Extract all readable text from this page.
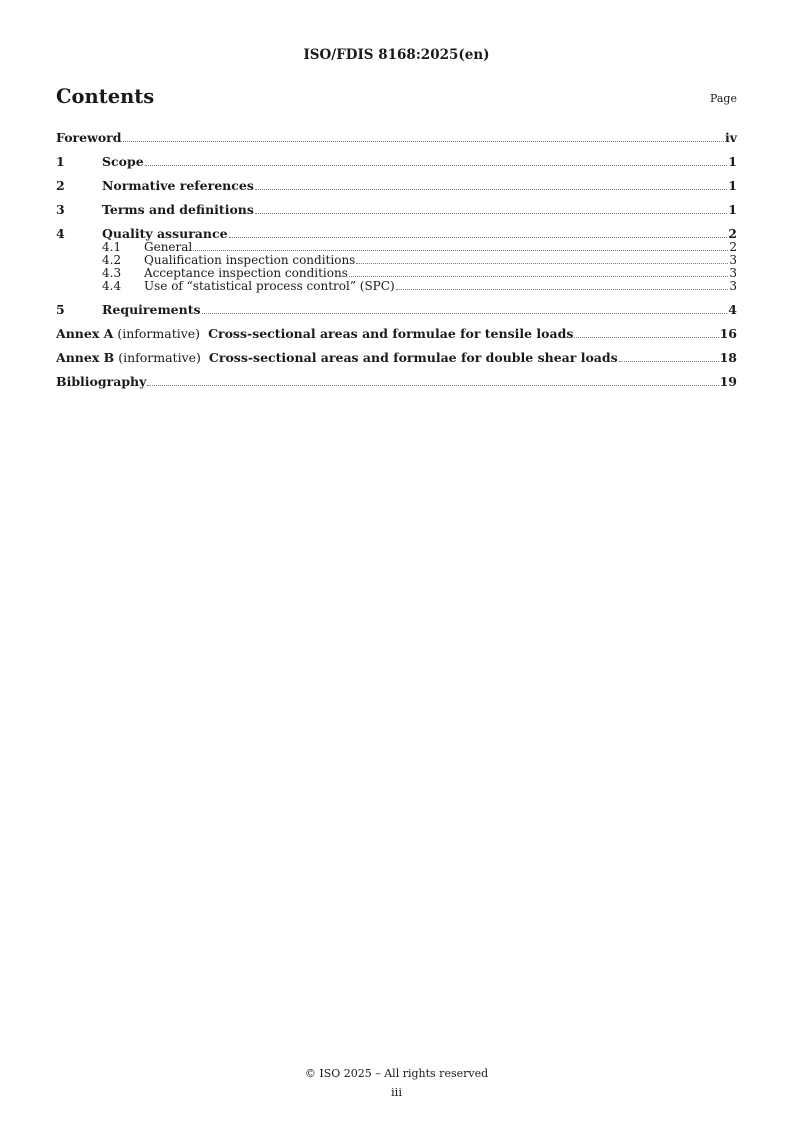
ISO/FDIS 8168:2025(en)
Contents	Page
Foreword	iv
1	Scope	1
2	Normative references	1
3	Terms and definitions	1
4	Quality assurance	2
4.1	General	2
4.2	Qualification inspection conditions	3
4.3	Acceptance inspection conditions	3
4.4	Use of “statistical process control” (SPC)	3
5	Requirements	4
Annex A (informative) Cross-sectional areas and formulae for tensile loads	16
Annex B (informative) Cross-sectional areas and formulae for double shear loads	18
Bibliography	19
© ISO 2025 – All rights reserved
iii
